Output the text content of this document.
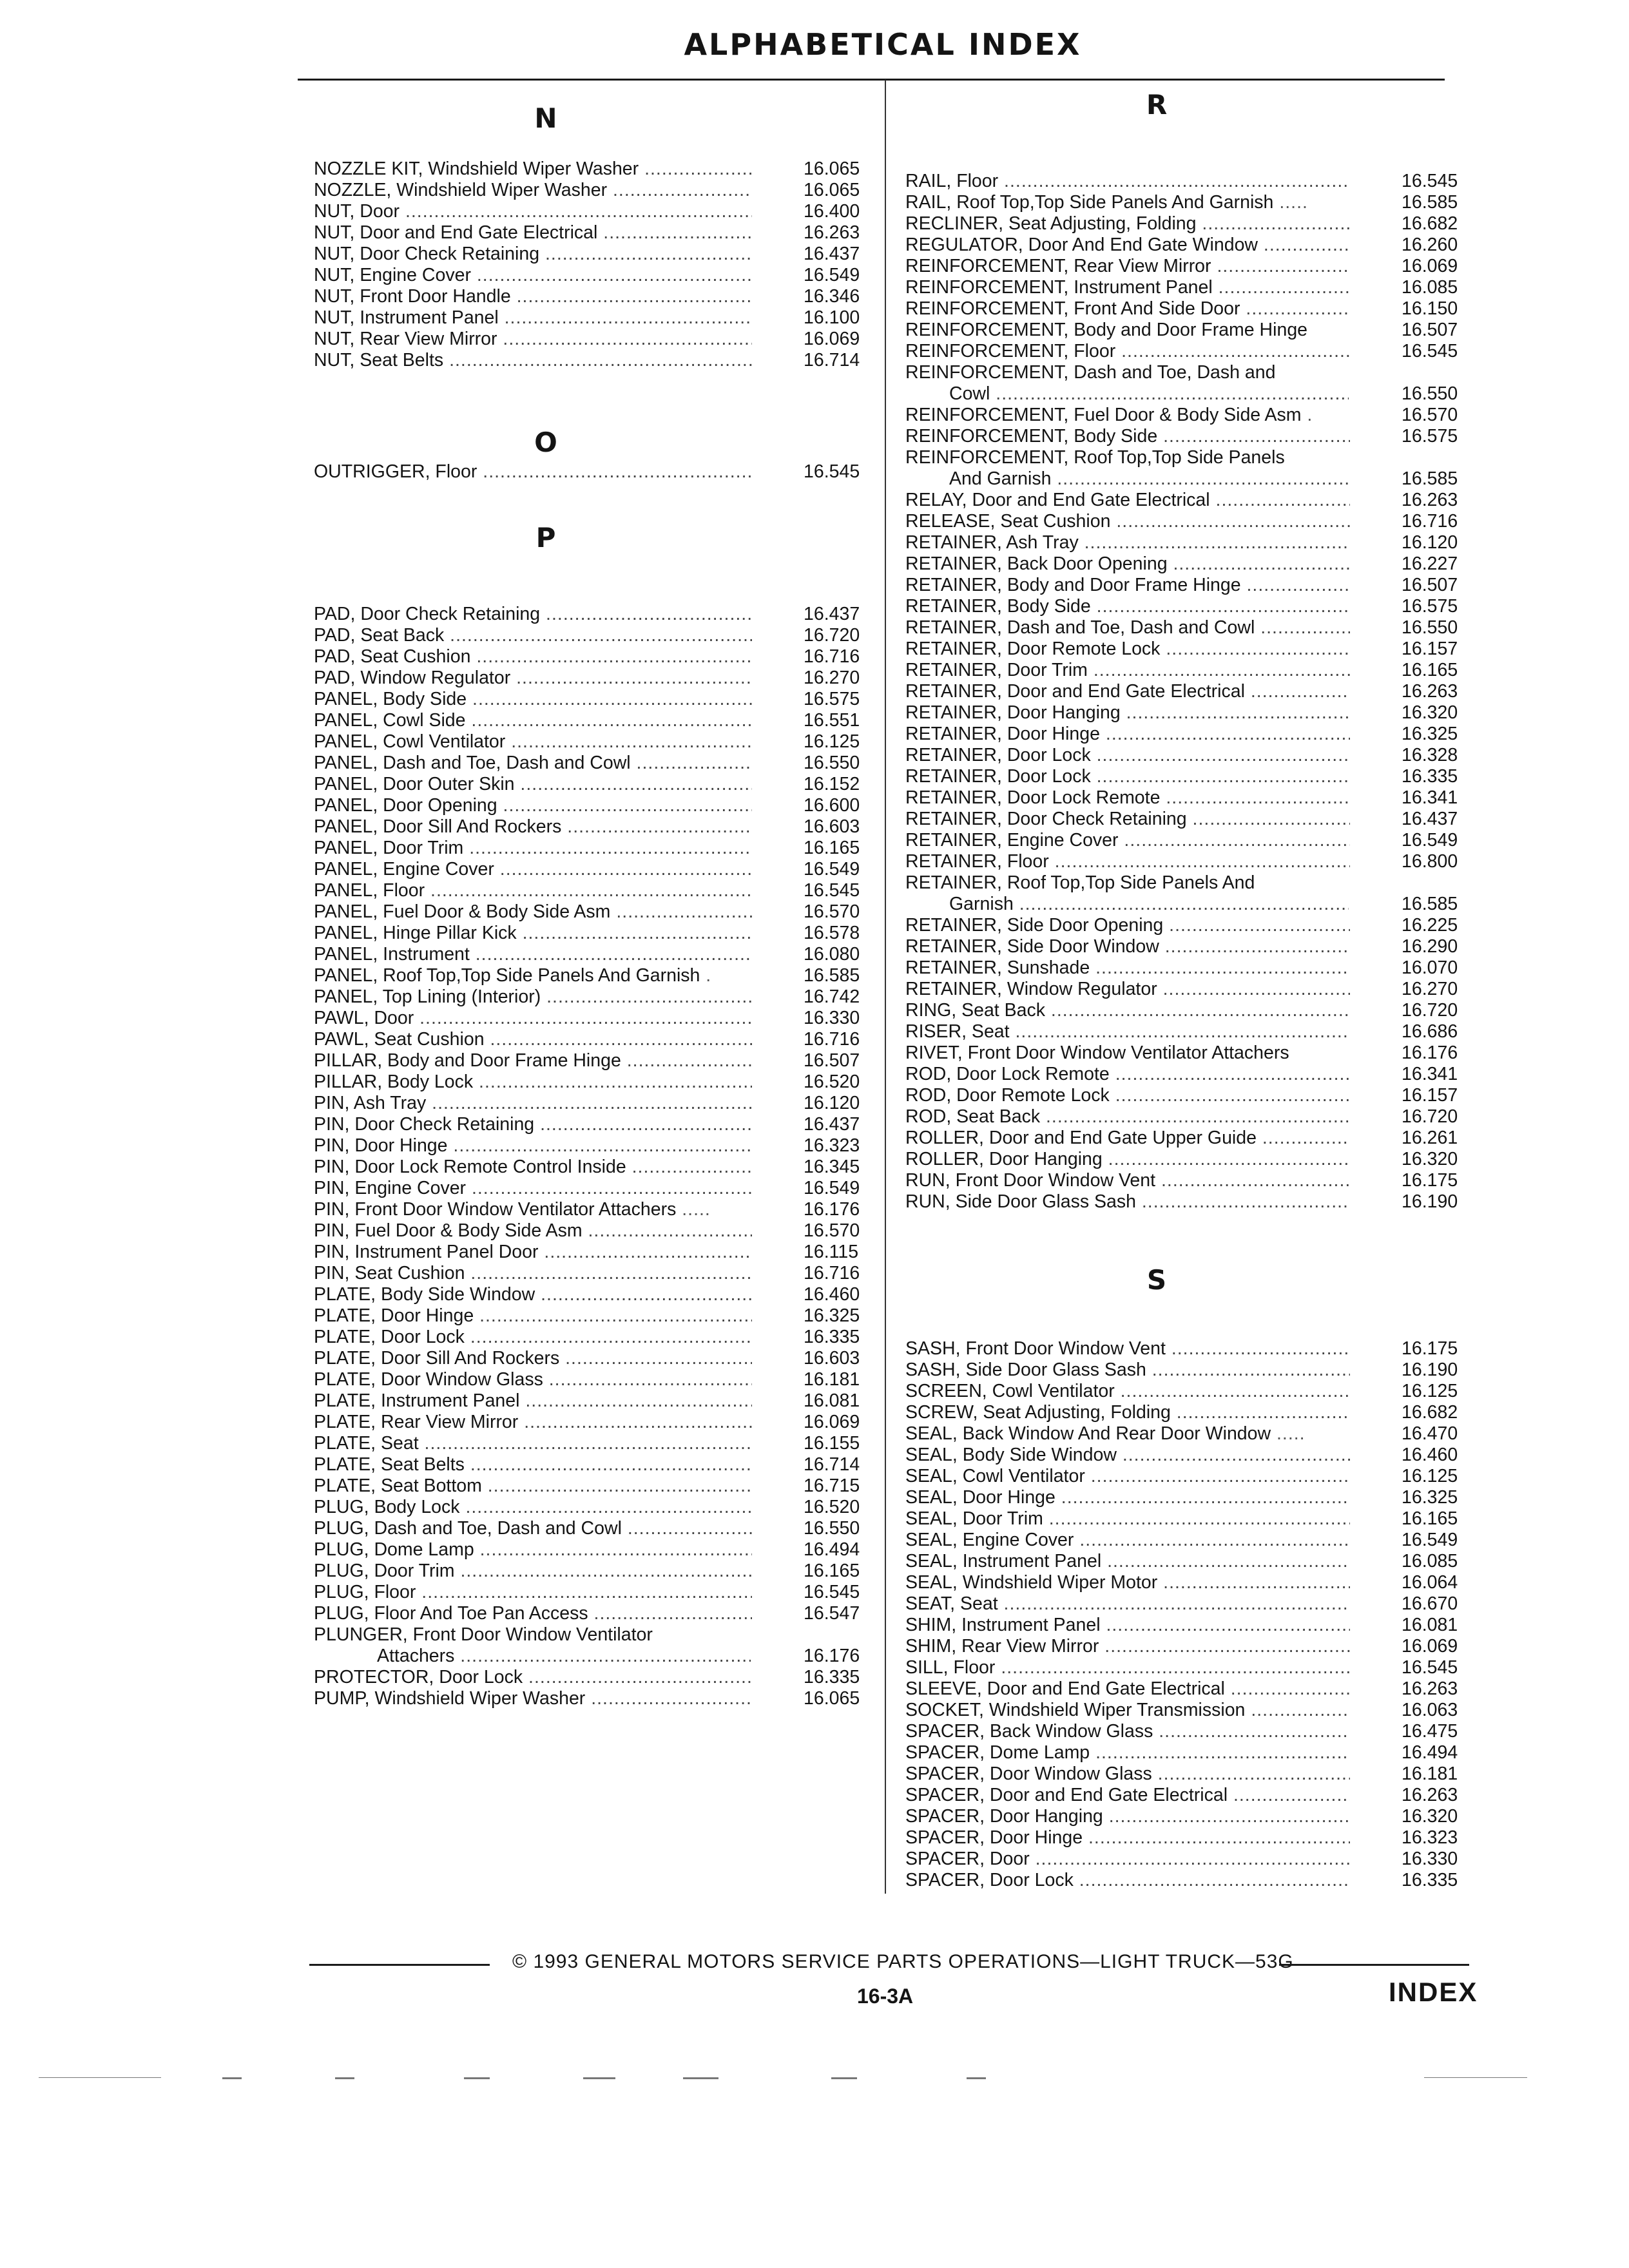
ALPHABETICAL INDEX
N
NOZZLE KIT, Windshield Wiper Washer .....	16.065
NOZZLE, Windshield Wiper Washer .....	16.065
NUT, Door .....	16.400
NUT, Door and End Gate Electrical .....	16.263
NUT, Door Check Retaining .....	16.437
NUT, Engine Cover .....	16.549
NUT, Front Door Handle .....	16.346
NUT, Instrument Panel .....	16.100
NUT, Rear View Mirror .....	16.069
NUT, Seat Belts .....	16.714
O
OUTRIGGER, Floor .....	16.545
P
PAD, Door Check Retaining .....	16.437
PAD, Seat Back .....	16.720
PAD, Seat Cushion .....	16.716
PAD, Window Regulator .....	16.270
PANEL, Body Side .....	16.575
PANEL, Cowl Side .....	16.551
PANEL, Cowl Ventilator .....	16.125
PANEL, Dash and Toe, Dash and Cowl .....	16.550
PANEL, Door Outer Skin .....	16.152
PANEL, Door Opening .....	16.600
PANEL, Door Sill And Rockers .....	16.603
PANEL, Door Trim .....	16.165
PANEL, Engine Cover .....	16.549
PANEL, Floor .....	16.545
PANEL, Fuel Door & Body Side Asm .....	16.570
PANEL, Hinge Pillar Kick .....	16.578
PANEL, Instrument .....	16.080
PANEL, Roof Top,Top Side Panels And Garnish .	16.585
PANEL, Top Lining (Interior) .....	16.742
PAWL, Door .....	16.330
PAWL, Seat Cushion .....	16.716
PILLAR, Body and Door Frame Hinge .....	16.507
PILLAR, Body Lock .....	16.520
PIN, Ash Tray .....	16.120
PIN, Door Check Retaining .....	16.437
PIN, Door Hinge .....	16.323
PIN, Door Lock Remote Control Inside .....	16.345
PIN, Engine Cover .....	16.549
PIN, Front Door Window Ventilator Attachers .....	16.176
PIN, Fuel Door & Body Side Asm .....	16.570
PIN, Instrument Panel Door .....	16.115
PIN, Seat Cushion .....	16.716
PLATE, Body Side Window .....	16.460
PLATE, Door Hinge .....	16.325
PLATE, Door Lock .....	16.335
PLATE, Door Sill And Rockers .....	16.603
PLATE, Door Window Glass .....	16.181
PLATE, Instrument Panel .....	16.081
PLATE, Rear View Mirror .....	16.069
PLATE, Seat .....	16.155
PLATE, Seat Belts .....	16.714
PLATE, Seat Bottom .....	16.715
PLUG, Body Lock .....	16.520
PLUG, Dash and Toe, Dash and Cowl .....	16.550
PLUG, Dome Lamp .....	16.494
PLUG, Door Trim .....	16.165
PLUG, Floor .....	16.545
PLUG, Floor And Toe Pan Access .....	16.547
PLUNGER, Front Door Window Ventilator
Attachers .....	16.176
PROTECTOR, Door Lock .....	16.335
PUMP, Windshield Wiper Washer .....	16.065
R
RAIL, Floor .....	16.545
RAIL, Roof Top,Top Side Panels And Garnish .....	16.585
RECLINER, Seat Adjusting, Folding .....	16.682
REGULATOR, Door And End Gate Window .....	16.260
REINFORCEMENT, Rear View Mirror .....	16.069
REINFORCEMENT, Instrument Panel .....	16.085
REINFORCEMENT, Front And Side Door .....	16.150
REINFORCEMENT, Body and Door Frame Hinge	16.507
REINFORCEMENT, Floor .....	16.545
REINFORCEMENT, Dash and Toe, Dash and
Cowl .....	16.550
REINFORCEMENT, Fuel Door & Body Side Asm .	16.570
REINFORCEMENT, Body Side .....	16.575
REINFORCEMENT, Roof Top,Top Side Panels
And Garnish .....	16.585
RELAY, Door and End Gate Electrical .....	16.263
RELEASE, Seat Cushion .....	16.716
RETAINER, Ash Tray .....	16.120
RETAINER, Back Door Opening .....	16.227
RETAINER, Body and Door Frame Hinge .....	16.507
RETAINER, Body Side .....	16.575
RETAINER, Dash and Toe, Dash and Cowl .....	16.550
RETAINER, Door Remote Lock .....	16.157
RETAINER, Door Trim .....	16.165
RETAINER, Door and End Gate Electrical .....	16.263
RETAINER, Door Hanging .....	16.320
RETAINER, Door Hinge .....	16.325
RETAINER, Door Lock .....	16.328
RETAINER, Door Lock .....	16.335
RETAINER, Door Lock Remote .....	16.341
RETAINER, Door Check Retaining .....	16.437
RETAINER, Engine Cover .....	16.549
RETAINER, Floor .....	16.800
RETAINER, Roof Top,Top Side Panels And
Garnish .....	16.585
RETAINER, Side Door Opening .....	16.225
RETAINER, Side Door Window .....	16.290
RETAINER, Sunshade .....	16.070
RETAINER, Window Regulator .....	16.270
RING, Seat Back .....	16.720
RISER, Seat .....	16.686
RIVET, Front Door Window Ventilator Attachers	16.176
ROD, Door Lock Remote .....	16.341
ROD, Door Remote Lock .....	16.157
ROD, Seat Back .....	16.720
ROLLER, Door and End Gate Upper Guide .....	16.261
ROLLER, Door Hanging .....	16.320
RUN, Front Door Window Vent .....	16.175
RUN, Side Door Glass Sash .....	16.190
S
SASH, Front Door Window Vent .....	16.175
SASH, Side Door Glass Sash .....	16.190
SCREEN, Cowl Ventilator .....	16.125
SCREW, Seat Adjusting, Folding .....	16.682
SEAL, Back Window And Rear Door Window .....	16.470
SEAL, Body Side Window .....	16.460
SEAL, Cowl Ventilator .....	16.125
SEAL, Door Hinge .....	16.325
SEAL, Door Trim .....	16.165
SEAL, Engine Cover .....	16.549
SEAL, Instrument Panel .....	16.085
SEAL, Windshield Wiper Motor .....	16.064
SEAT, Seat .....	16.670
SHIM, Instrument Panel .....	16.081
SHIM, Rear View Mirror .....	16.069
SILL, Floor .....	16.545
SLEEVE, Door and End Gate Electrical .....	16.263
SOCKET, Windshield Wiper Transmission .....	16.063
SPACER, Back Window Glass .....	16.475
SPACER, Dome Lamp .....	16.494
SPACER, Door Window Glass .....	16.181
SPACER, Door and End Gate Electrical .....	16.263
SPACER, Door Hanging .....	16.320
SPACER, Door Hinge .....	16.323
SPACER, Door .....	16.330
SPACER, Door Lock .....	16.335
© 1993 GENERAL MOTORS SERVICE PARTS OPERATIONS—LIGHT TRUCK—53G
16-3A	INDEX
